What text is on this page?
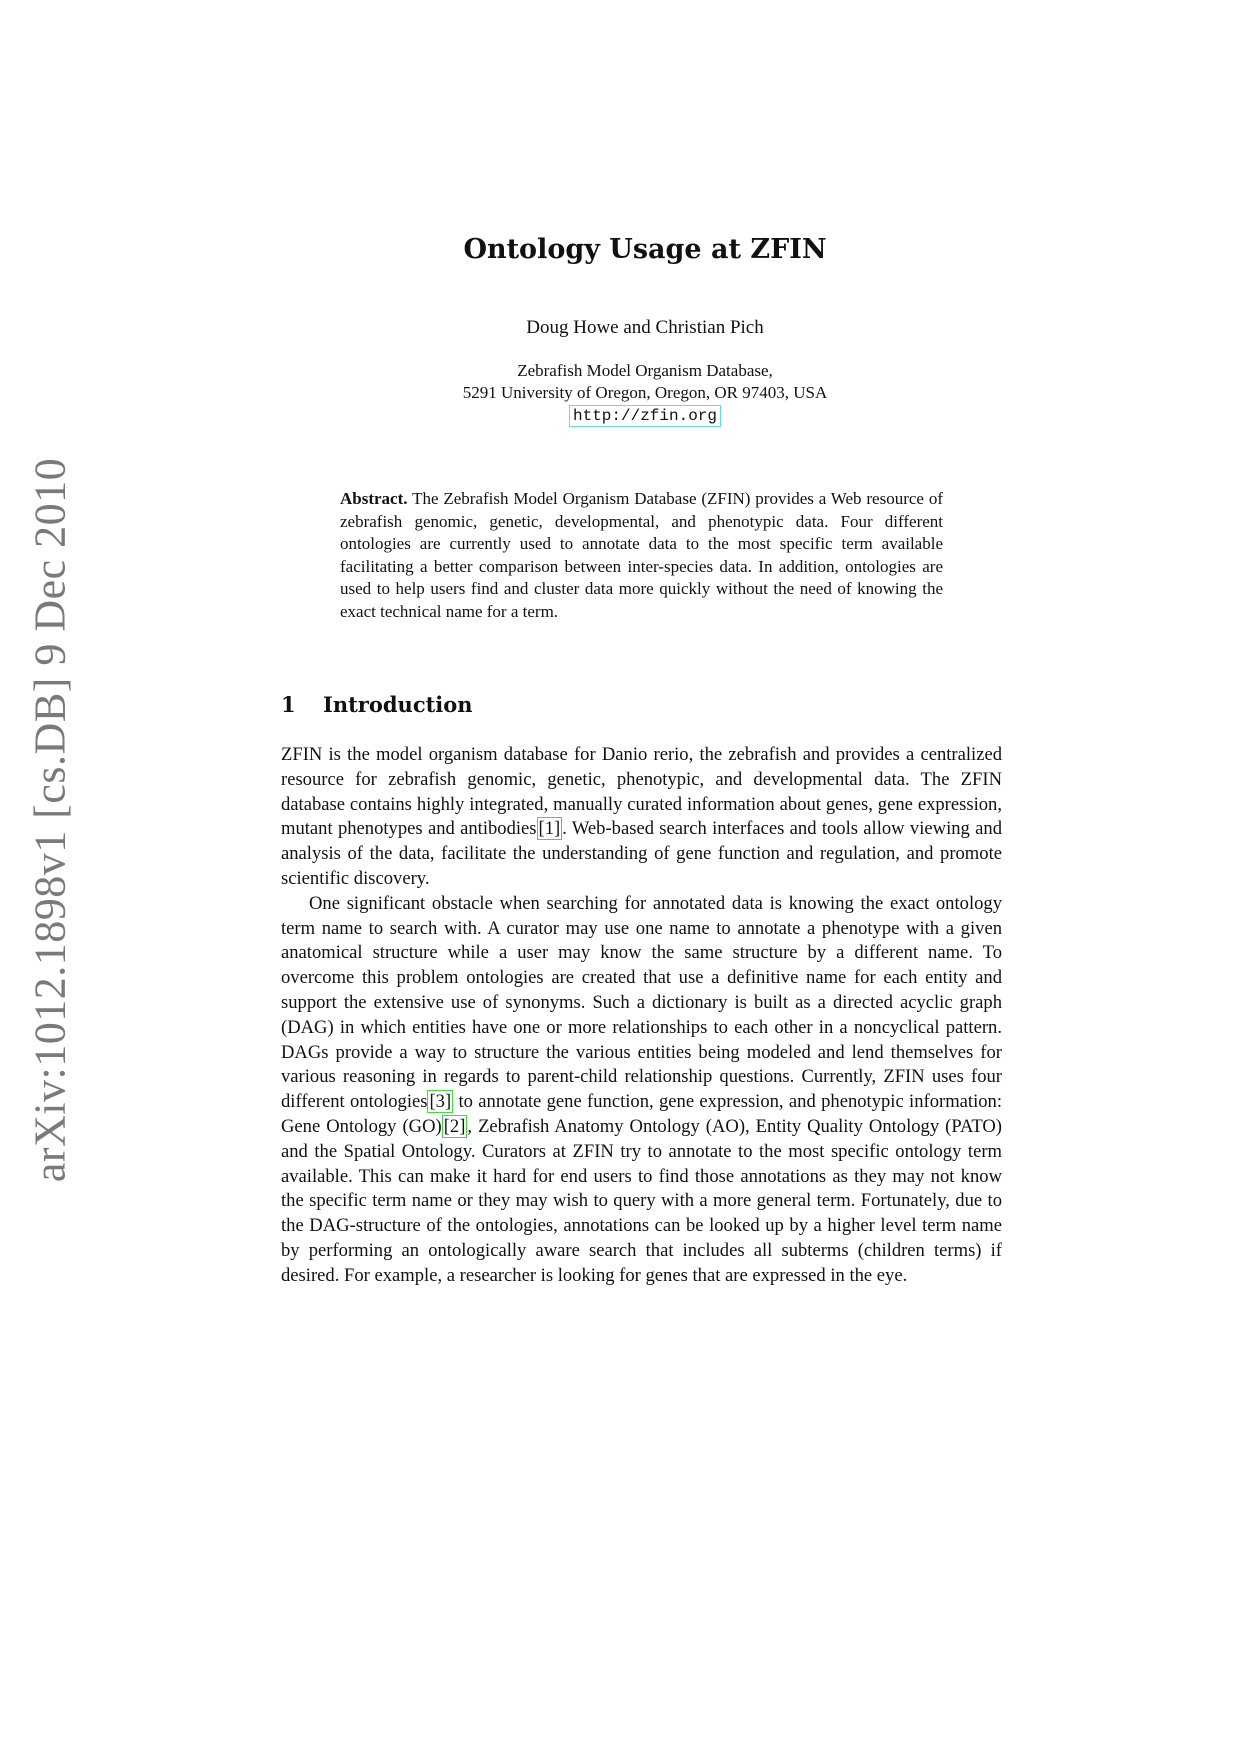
arXiv:1012.1898v1 [cs.DB] 9 Dec 2010
Ontology Usage at ZFIN
Doug Howe and Christian Pich
Zebrafish Model Organism Database,
5291 University of Oregon, Oregon, OR 97403, USA
http://zfin.org

Abstract. The Zebrafish Model Organism Database (ZFIN) provides a Web resource of zebrafish genomic, genetic, developmental, and phenotypic data. Four different ontologies are currently used to annotate data to the most specific term available facilitating a better comparison between inter-species data. In addition, ontologies are used to help users find and cluster data more quickly without the need of knowing the exact technical name for a term.

1 Introduction

ZFIN is the model organism database for Danio rerio, the zebrafish and provides a centralized resource for zebrafish genomic, genetic, phenotypic, and developmental data. The ZFIN database contains highly integrated, manually curated information about genes, gene expression, mutant phenotypes and antibodies [1] . Web-based search interfaces and tools allow viewing and analysis of the data, facilitate the understanding of gene function and regulation, and promote scientific discovery.

One significant obstacle when searching for annotated data is knowing the exact ontology term name to search with. A curator may use one name to annotate a phenotype with a given anatomical structure while a user may know the same structure by a different name. To overcome this problem ontologies are created that use a definitive name for each entity and support the extensive use of synonyms. Such a dictionary is built as a directed acyclic graph (DAG) in which entities have one or more relationships to each other in a noncyclical pattern. DAGs provide a way to structure the various entities being modeled and lend themselves for various reasoning in regards to parent-child relationship questions. Currently, ZFIN uses four different ontologies [3] to annotate gene function, gene expression, and phenotypic information: Gene Ontology (GO) [2] , Zebrafish Anatomy Ontology (AO), Entity Quality Ontology (PATO) and the Spatial Ontology. Curators at ZFIN try to annotate to the most specific ontology term available. This can make it hard for end users to find those annotations as they may not know the specific term name or they may wish to query with a more general term. Fortunately, due to the DAG-structure of the ontologies, annotations can be looked up by a higher level term name by performing an ontologically aware search that includes all subterms (children terms) if desired. For example, a researcher is looking for genes that are expressed in the eye.
